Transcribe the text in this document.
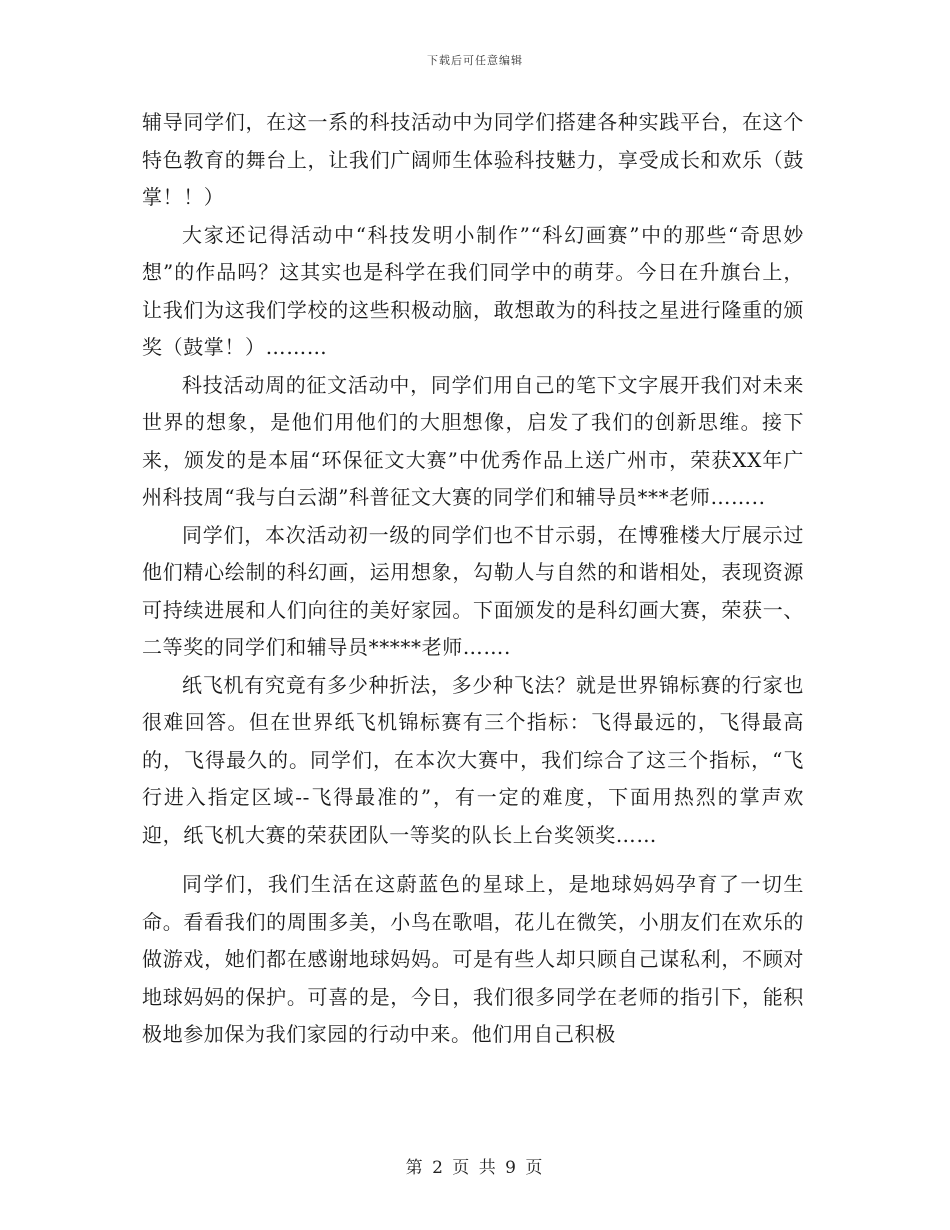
下载后可任意编辑

辅导同学们，在这一系的科技活动中为同学们搭建各种实践平台，在这个特色教育的舞台上，让我们广阔师生体验科技魅力，享受成长和欢乐（鼓掌！！）

大家还记得活动中“科技发明小制作”“科幻画赛”中的那些“奇思妙想”的作品吗？这其实也是科学在我们同学中的萌芽。今日在升旗台上，让我们为这我们学校的这些积极动脑，敢想敢为的科技之星进行隆重的颁奖（鼓掌！）………

科技活动周的征文活动中，同学们用自己的笔下文字展开我们对未来世界的想象，是他们用他们的大胆想像，启发了我们的创新思维。接下来，颁发的是本届“环保征文大赛”中优秀作品上送广州市，荣获XX年广州科技周“我与白云湖”科普征文大赛的同学们和辅导员***老师……..

同学们，本次活动初一级的同学们也不甘示弱，在博雅楼大厅展示过他们精心绘制的科幻画，运用想象，勾勒人与自然的和谐相处，表现资源可持续进展和人们向往的美好家园。下面颁发的是科幻画大赛，荣获一、二等奖的同学们和辅导员*****老师…….

纸飞机有究竟有多少种折法，多少种飞法？就是世界锦标赛的行家也很难回答。但在世界纸飞机锦标赛有三个指标：飞得最远的，飞得最高的，飞得最久的。同学们，在本次大赛中，我们综合了这三个指标，“飞行进入指定区域--飞得最准的”，有一定的难度，下面用热烈的掌声欢迎，纸飞机大赛的荣获团队一等奖的队长上台奖领奖……

同学们，我们生活在这蔚蓝色的星球上，是地球妈妈孕育了一切生命。看看我们的周围多美，小鸟在歌唱，花儿在微笑，小朋友们在欢乐的做游戏，她们都在感谢地球妈妈。可是有些人却只顾自己谋私利，不顾对地球妈妈的保护。可喜的是，今日，我们很多同学在老师的指引下，能积极地参加保为我们家园的行动中来。他们用自己积极

第 2 页 共 9 页
